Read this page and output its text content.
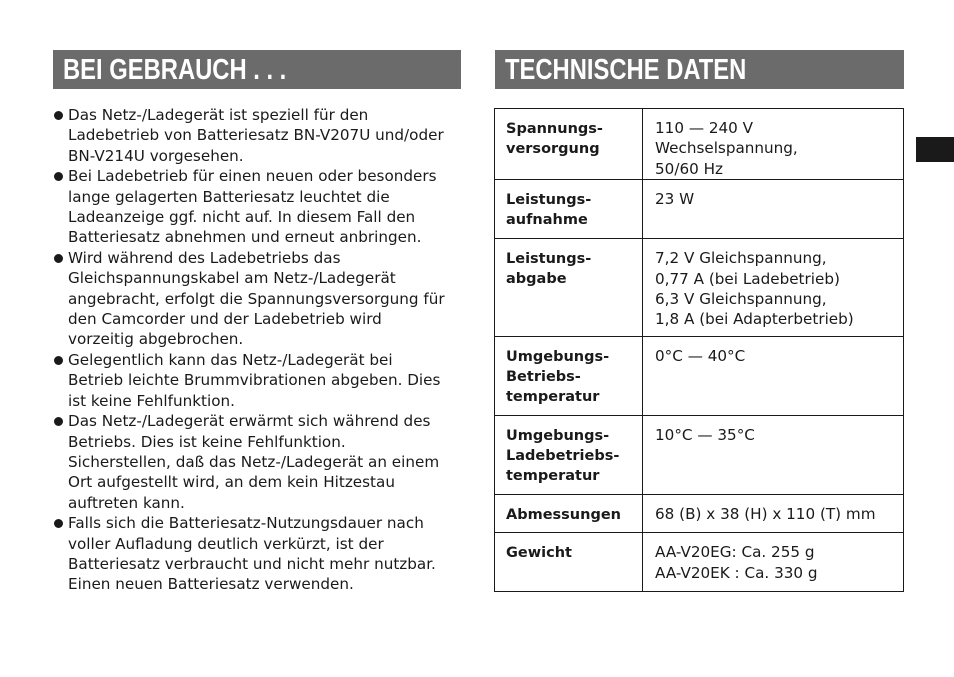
BEI GEBRAUCH . . .
Das Netz-/Ladegerät ist speziell für den
Ladebetrieb von Batteriesatz BN-V207U und/oder
BN-V214U vorgesehen.
Bei Ladebetrieb für einen neuen oder besonders
lange gelagerten Batteriesatz leuchtet die
Ladeanzeige ggf. nicht auf. In diesem Fall den
Batteriesatz abnehmen und erneut anbringen.
Wird während des Ladebetriebs das
Gleichspannungskabel am Netz-/Ladegerät
angebracht, erfolgt die Spannungsversorgung für
den Camcorder und der Ladebetrieb wird
vorzeitig abgebrochen.
Gelegentlich kann das Netz-/Ladegerät bei
Betrieb leichte Brummvibrationen abgeben. Dies
ist keine Fehlfunktion.
Das Netz-/Ladegerät erwärmt sich während des
Betriebs. Dies ist keine Fehlfunktion.
Sicherstellen, daß das Netz-/Ladegerät an einem
Ort aufgestellt wird, an dem kein Hitzestau
auftreten kann.
Falls sich die Batteriesatz-Nutzungsdauer nach
voller Aufladung deutlich verkürzt, ist der
Batteriesatz verbraucht und nicht mehr nutzbar.
Einen neuen Batteriesatz verwenden.
TECHNISCHE DATEN
Spannungs-
versorgung	110 — 240 V Wechselspannung,
50/60 Hz
Leistungs-
aufnahme	23 W
Leistungs-
abgabe	7,2 V Gleichspannung,
0,77 A (bei Ladebetrieb)
6,3 V Gleichspannung,
1,8 A (bei Adapterbetrieb)
Umgebungs-
Betriebs-
temperatur	0°C — 40°C
Umgebungs-
Ladebetriebs-
temperatur	10°C — 35°C
Abmessungen	68 (B) x 38 (H) x 110 (T) mm
Gewicht	AA-V20EG: Ca. 255 g
AA-V20EK : Ca. 330 g
